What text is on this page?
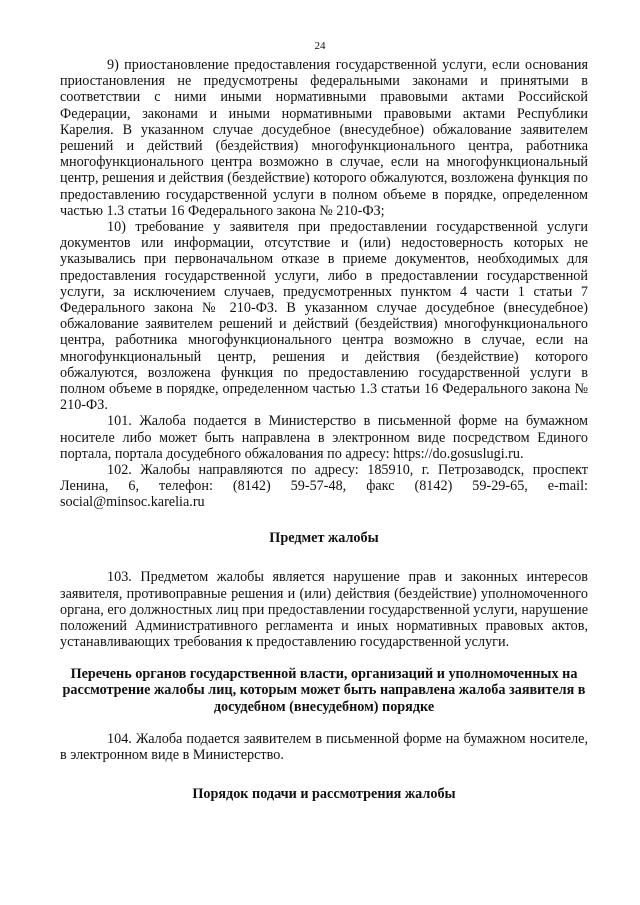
24

9) приостановление предоставления государственной услуги, если основания приостановления не предусмотрены федеральными законами и принятыми в соответствии с ними иными нормативными правовыми актами Российской Федерации, законами и иными нормативными правовыми актами Республики Карелия. В указанном случае досудебное (внесудебное) обжалование заявителем решений и действий (бездействия) многофункционального центра, работника многофункционального центра возможно в случае, если на многофункциональный центр, решения и действия (бездействие) которого обжалуются, возложена функция по предоставлению государственной услуги в полном объеме в порядке, определенном частью 1.3 статьи 16 Федерального закона № 210-ФЗ;

10) требование у заявителя при предоставлении государственной услуги документов или информации, отсутствие и (или) недостоверность которых не указывались при первоначальном отказе в приеме документов, необходимых для предоставления государственной услуги, либо в предоставлении государственной услуги, за исключением случаев, предусмотренных пунктом 4 части 1 статьи 7 Федерального закона № 210-ФЗ. В указанном случае досудебное (внесудебное) обжалование заявителем решений и действий (бездействия) многофункционального центра, работника многофункционального центра возможно в случае, если на многофункциональный центр, решения и действия (бездействие) которого обжалуются, возложена функция по предоставлению государственной услуги в полном объеме в порядке, определенном частью 1.3 статьи 16 Федерального закона № 210-ФЗ.

101. Жалоба подается в Министерство в письменной форме на бумажном носителе либо может быть направлена в электронном виде посредством Единого портала, портала досудебного обжалования по адресу: https://do.gosuslugi.ru.

102. Жалобы направляются по адресу: 185910, г. Петрозаводск, проспект Ленина, 6, телефон: (8142) 59-57-48, факс (8142) 59-29-65, e-mail: social@minsoc.karelia.ru

Предмет жалобы

103. Предметом жалобы является нарушение прав и законных интересов заявителя, противоправные решения и (или) действия (бездействие) уполномоченного органа, его должностных лиц при предоставлении государственной услуги, нарушение положений Административного регламента и иных нормативных правовых актов, устанавливающих требования к предоставлению государственной услуги.

Перечень органов государственной власти, организаций и уполномоченных на рассмотрение жалобы лиц, которым может быть направлена жалоба заявителя в досудебном (внесудебном) порядке

104. Жалоба подается заявителем в письменной форме на бумажном носителе, в электронном виде в Министерство.

Порядок подачи и рассмотрения жалобы
